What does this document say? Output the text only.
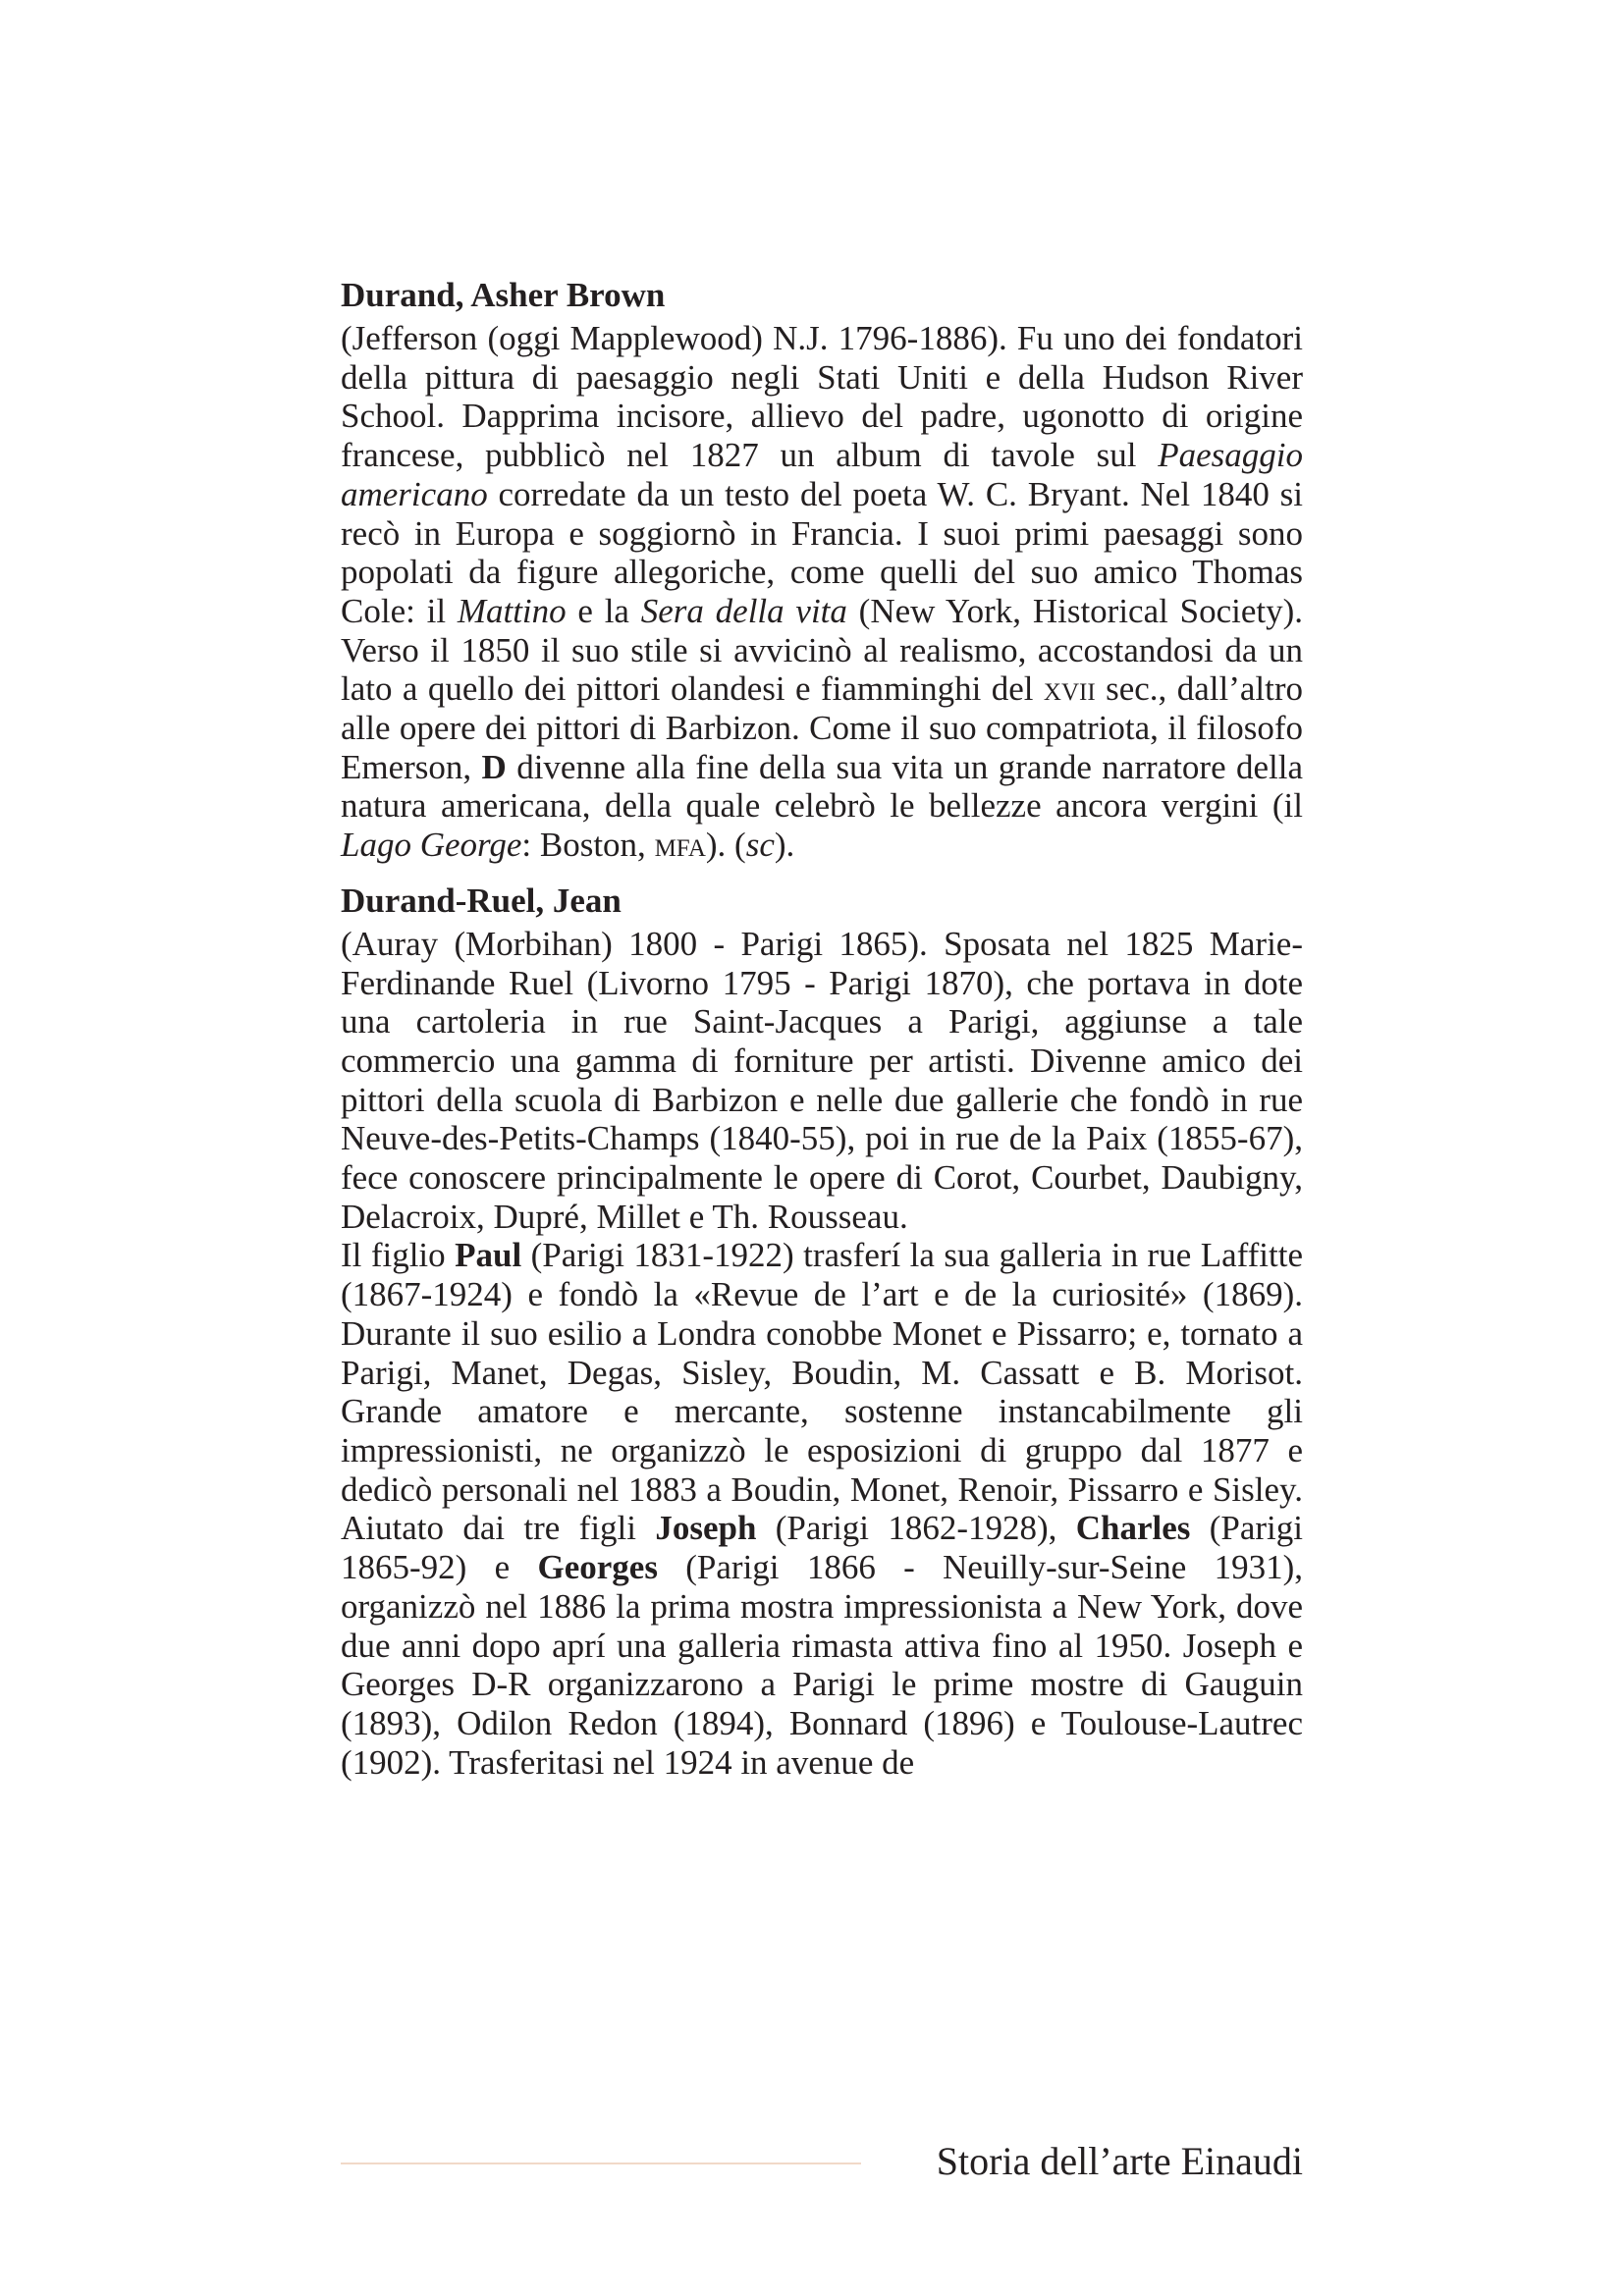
Durand, Asher Brown

(Jefferson (oggi Mapplewood) N.J. 1796-1886). Fu uno dei fondatori della pittura di paesaggio negli Stati Uniti e della Hudson River School. Dapprima incisore, allievo del padre, ugonotto di origine francese, pubblicò nel 1827 un album di tavole sul Paesaggio americano corredate da un testo del poeta W. C. Bryant. Nel 1840 si recò in Europa e soggiornò in Francia. I suoi primi paesaggi sono popolati da figure allegoriche, come quelli del suo amico Thomas Cole: il Mattino e la Sera della vita (New York, Historical Society). Verso il 1850 il suo stile si avvicinò al realismo, accostandosi da un lato a quello dei pittori olandesi e fiamminghi del xvii sec., dall’altro alle opere dei pittori di Barbizon. Come il suo compatriota, il filosofo Emerson, D divenne alla fine della sua vita un grande narratore della natura americana, della quale celebrò le bellezze ancora vergini (il Lago George: Boston, mfa). (sc).

Durand-Ruel, Jean

(Auray (Morbihan) 1800 - Parigi 1865). Sposata nel 1825 Marie-Ferdinande Ruel (Livorno 1795 - Parigi 1870), che portava in dote una cartoleria in rue Saint-Jacques a Parigi, aggiunse a tale commercio una gamma di forniture per artisti. Divenne amico dei pittori della scuola di Barbizon e nelle due gallerie che fondò in rue Neuve-des-Petits-Champs (1840-55), poi in rue de la Paix (1855-67), fece conoscere principalmente le opere di Corot, Courbet, Daubigny, Delacroix, Dupré, Millet e Th. Rousseau.

Il figlio Paul (Parigi 1831-1922) trasferí la sua galleria in rue Laffitte (1867-1924) e fondò la «Revue de l’art e de la curiosité» (1869). Durante il suo esilio a Londra conobbe Monet e Pissarro; e, tornato a Parigi, Manet, Degas, Sisley, Boudin, M. Cassatt e B. Morisot. Grande amatore e mercante, sostenne instancabilmente gli impressionisti, ne organizzò le esposizioni di gruppo dal 1877 e dedicò personali nel 1883 a Boudin, Monet, Renoir, Pissarro e Sisley. Aiutato dai tre figli Joseph (Parigi 1862-1928), Charles (Parigi 1865-92) e Georges (Parigi 1866 - Neuilly-sur-Seine 1931), organizzò nel 1886 la prima mostra impressionista a New York, dove due anni dopo aprí una galleria rimasta attiva fino al 1950. Joseph e Georges D-R organizzarono a Parigi le prime mostre di Gauguin (1893), Odilon Redon (1894), Bonnard (1896) e Toulouse-Lautrec (1902). Trasferitasi nel 1924 in avenue de

Storia dell’arte Einaudi
